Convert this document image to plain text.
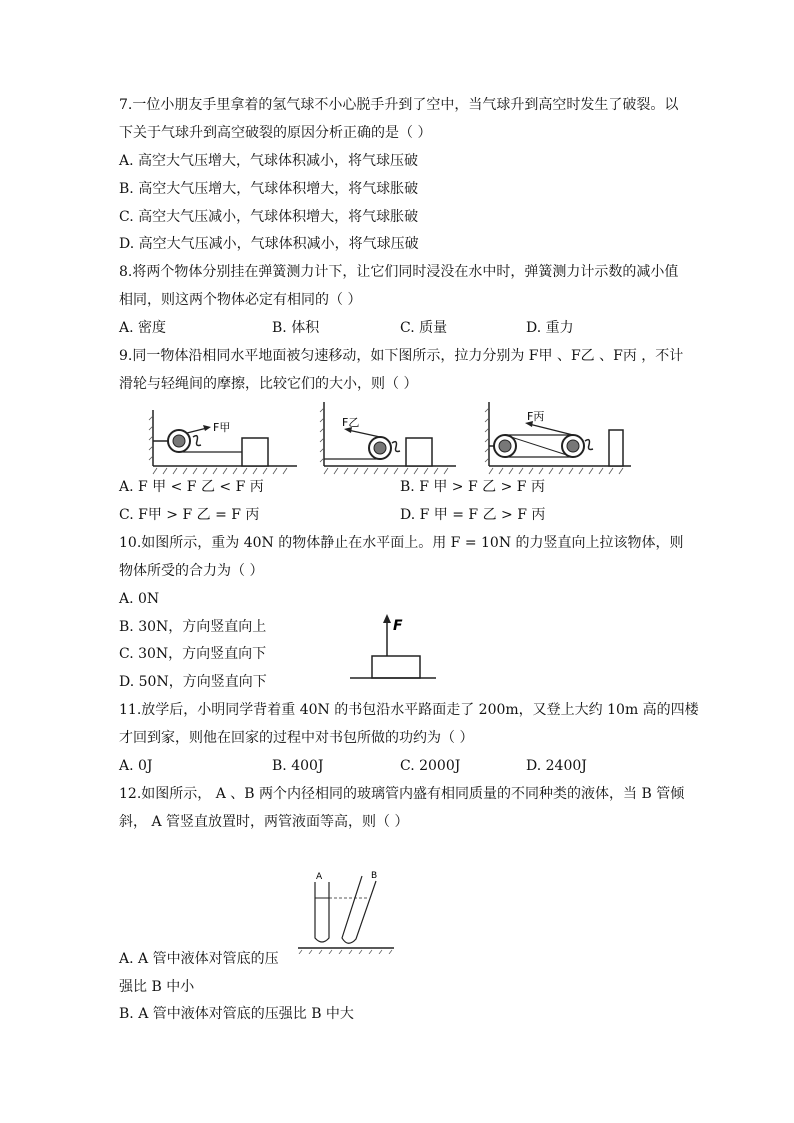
7.一位小朋友手里拿着的氢气球不小心脱手升到了空中，当气球升到高空时发生了破裂。以
下关于气球升到高空破裂的原因分析正确的是（ ）
A. 高空大气压增大，气球体积减小，将气球压破
B. 高空大气压增大，气球体积增大，将气球胀破
C. 高空大气压减小，气球体积增大，将气球胀破
D. 高空大气压减小，气球体积减小，将气球压破
8.将两个物体分别挂在弹簧测力计下，让它们同时浸没在水中时，弹簧测力计示数的减小值
相同，则这两个物体必定有相同的（ ）
A. 密度	B. 体积	C. 质量	D. 重力
9.同一物体沿相同水平地面被匀速移动，如下图所示，拉力分别为 F甲 、F乙 、F丙 ，不计
滑轮与轻绳间的摩擦，比较它们的大小，则（ ）
F甲	F乙	F丙
A. F 甲 < F 乙 < F 丙	B. F 甲 > F 乙 > F 丙
C. F甲 > F 乙 = F 丙	D. F 甲 = F 乙 > F 丙
10.如图所示，重为 40N 的物体静止在水平面上。用 F = 10N 的力竖直向上拉该物体，则
物体所受的合力为（ ）
A. 0N
B. 30N，方向竖直向上
C. 30N，方向竖直向下
D. 50N，方向竖直向下
F
11.放学后，小明同学背着重 40N 的书包沿水平路面走了 200m，又登上大约 10m 高的四楼
才回到家，则他在回家的过程中对书包所做的功约为（ ）
A. 0J	B. 400J	C. 2000J	D. 2400J
12.如图所示， A 、B 两个内径相同的玻璃管内盛有相同质量的不同种类的液体，当 B 管倾
斜， A 管竖直放置时，两管液面等高，则（ ）
A	B
A. A 管中液体对管底的压
强比 B 中小
B. A 管中液体对管底的压强比 B 中大
